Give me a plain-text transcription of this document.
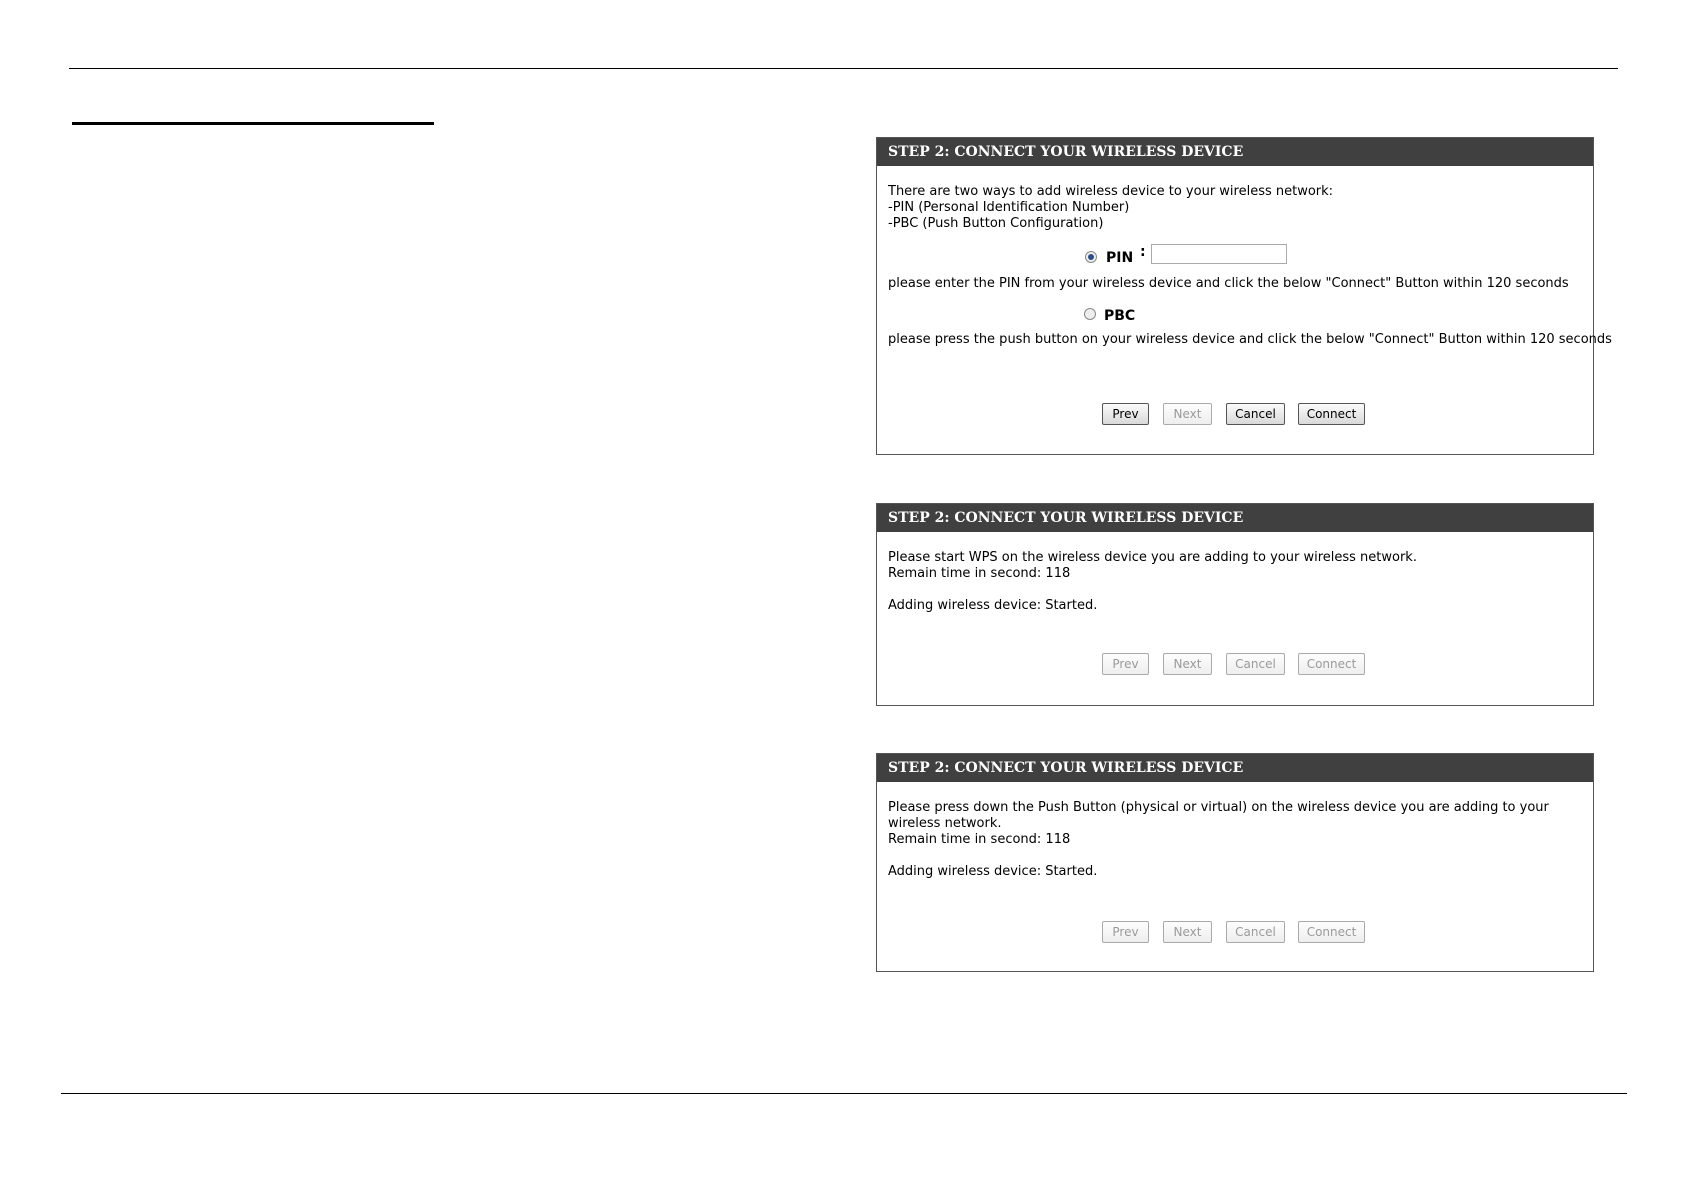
STEP 2: CONNECT YOUR WIRELESS DEVICE
There are two ways to add wireless device to your wireless network:
-PIN (Personal Identification Number)
-PBC (Push Button Configuration)
PIN :
please enter the PIN from your wireless device and click the below "Connect" Button within 120 seconds
PBC
please press the push button on your wireless device and click the below "Connect" Button within 120 seconds
Prev	Next	Cancel	Connect
STEP 2: CONNECT YOUR WIRELESS DEVICE
Please start WPS on the wireless device you are adding to your wireless network.
Remain time in second: 118
Adding wireless device: Started.
Prev	Next	Cancel	Connect
STEP 2: CONNECT YOUR WIRELESS DEVICE
Please press down the Push Button (physical or virtual) on the wireless device you are adding to your wireless network.
Remain time in second: 118
Adding wireless device: Started.
Prev	Next	Cancel	Connect
